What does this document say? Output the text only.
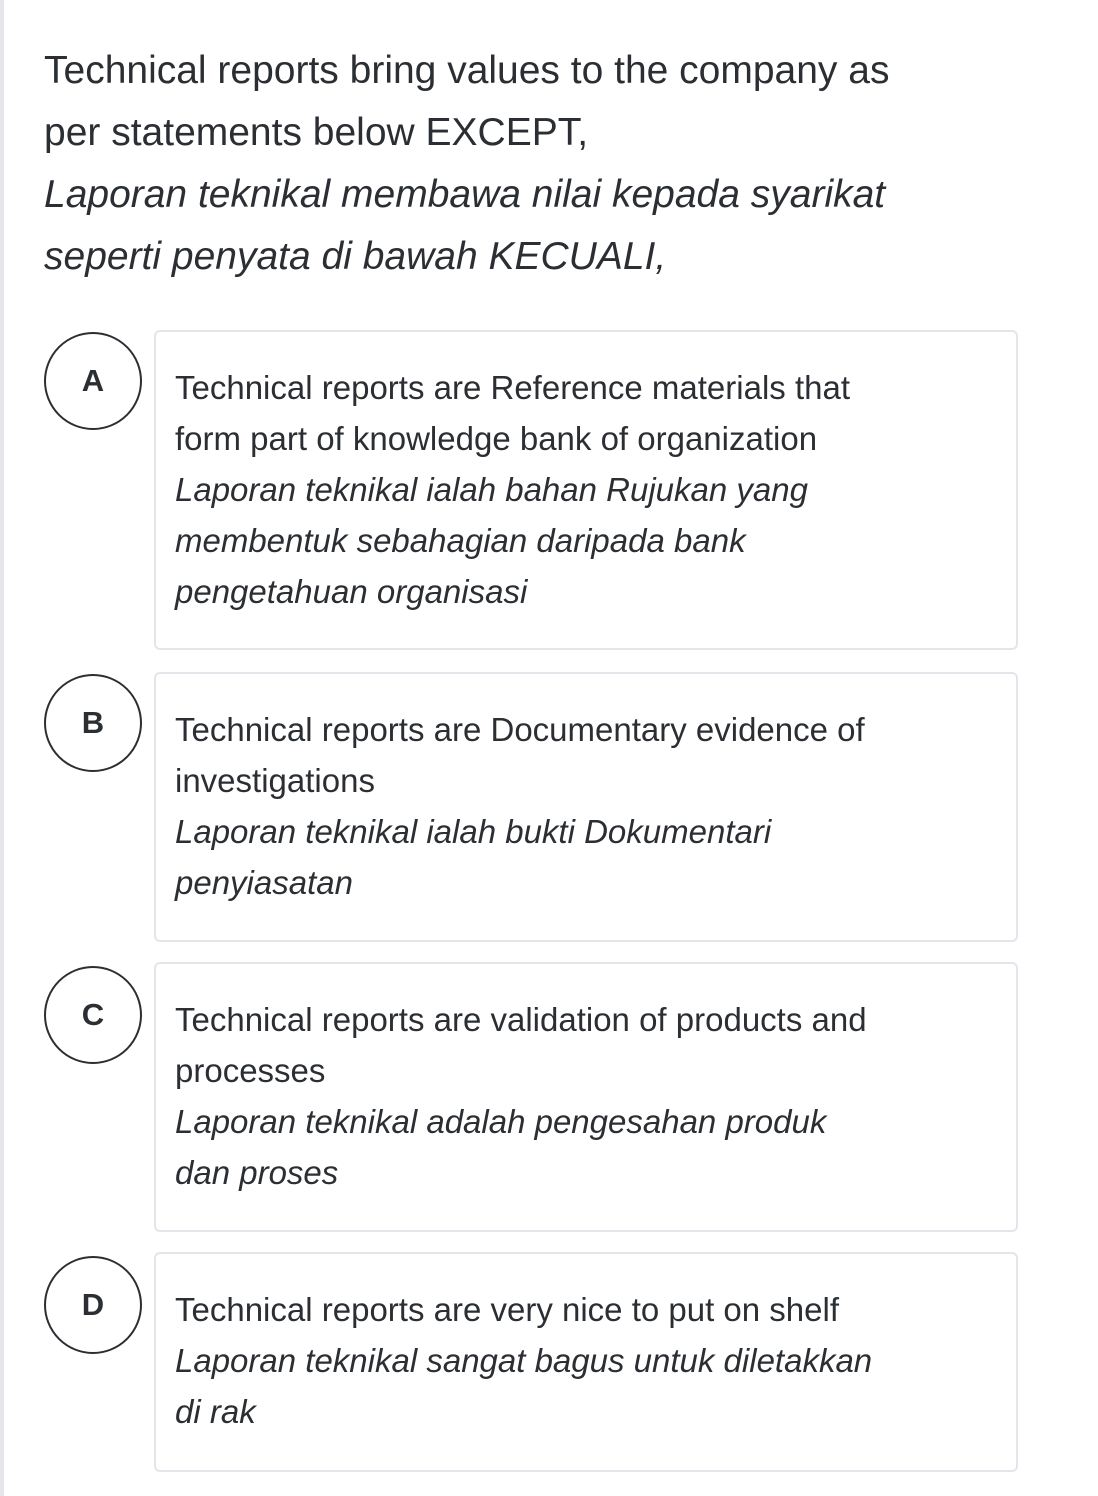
Technical reports bring values to the company as
per statements below EXCEPT,
Laporan teknikal membawa nilai kepada syarikat
seperti penyata di bawah KECUALI,
Technical reports are Reference materials that
form part of knowledge bank of organization
Laporan teknikal ialah bahan Rujukan yang
membentuk sebahagian daripada bank
pengetahuan organisasi
A
Technical reports are Documentary evidence of
investigations
Laporan teknikal ialah bukti Dokumentari
penyiasatan
B
Technical reports are validation of products and
processes
Laporan teknikal adalah pengesahan produk
dan proses
C
Technical reports are very nice to put on shelf
Laporan teknikal sangat bagus untuk diletakkan
di rak
D
